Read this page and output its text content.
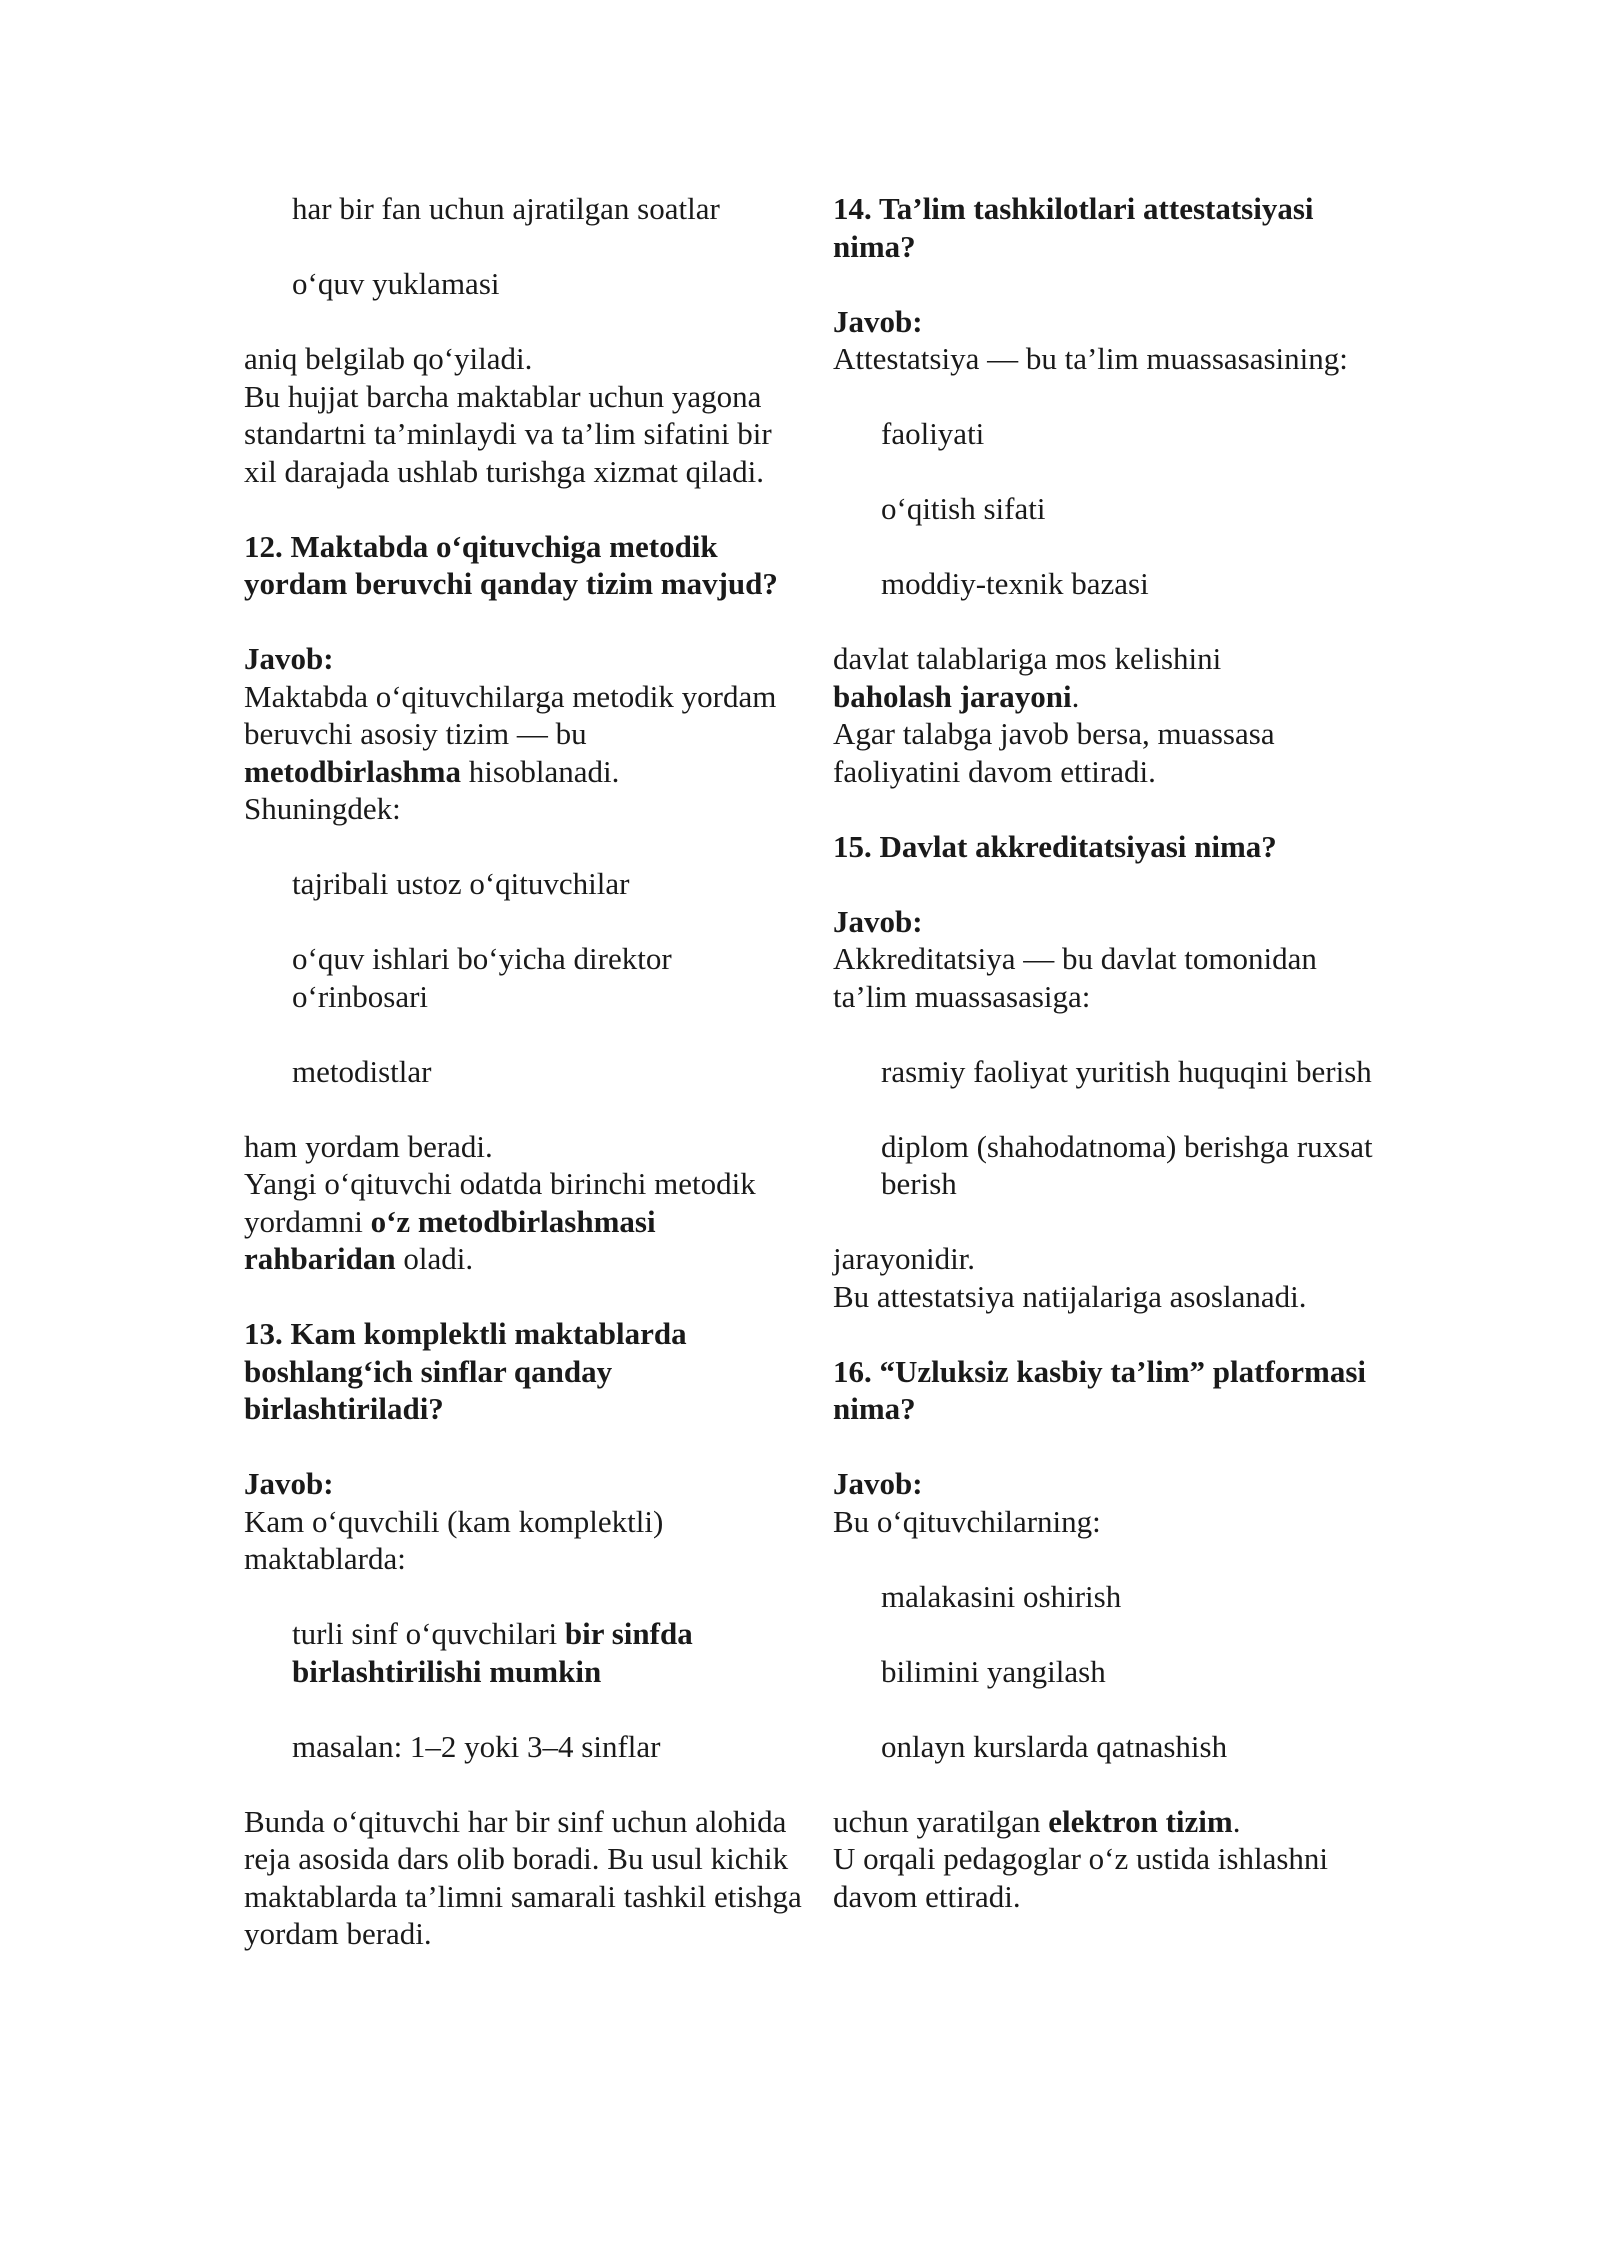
har bir fan uchun ajratilgan soatlar

o‘quv yuklamasi

aniq belgilab qo‘yiladi.

Bu hujjat barcha maktablar uchun yagona standartni ta’minlaydi va ta’lim sifatini bir xil darajada ushlab turishga xizmat qiladi.

12. Maktabda o‘qituvchiga metodik yordam beruvchi qanday tizim mavjud?

Javob:

Maktabda o‘qituvchilarga metodik yordam beruvchi asosiy tizim — bu metodbirlashma hisoblanadi.

Shuningdek:

tajribali ustoz o‘qituvchilar

o‘quv ishlari bo‘yicha direktor o‘rinbosari

metodistlar

ham yordam beradi.

Yangi o‘qituvchi odatda birinchi metodik yordamni o‘z metodbirlashmasi rahbaridan oladi.

13. Kam komplektli maktablarda boshlang‘ich sinflar qanday birlashtiriladi?

Javob:

Kam o‘quvchili (kam komplektli) maktablarda:

turli sinf o‘quvchilari bir sinfda birlashtirilishi mumkin

masalan: 1–2 yoki 3–4 sinflar

Bunda o‘qituvchi har bir sinf uchun alohida reja asosida dars olib boradi. Bu usul kichik maktablarda ta’limni samarali tashkil etishga yordam beradi.

14. Ta’lim tashkilotlari attestatsiyasi nima?

Javob:

Attestatsiya — bu ta’lim muassasasining:

faoliyati

o‘qitish sifati

moddiy-texnik bazasi

davlat talablariga mos kelishini

baholash jarayoni.

Agar talabga javob bersa, muassasa faoliyatini davom ettiradi.

15. Davlat akkreditatsiyasi nima?

Javob:

Akkreditatsiya — bu davlat tomonidan ta’lim muassasasiga:

rasmiy faoliyat yuritish huquqini berish

diplom (shahodatnoma) berishga ruxsat berish

jarayonidir.

Bu attestatsiya natijalariga asoslanadi.

16. “Uzluksiz kasbiy ta’lim” platformasi nima?

Javob:

Bu o‘qituvchilarning:

malakasini oshirish

bilimini yangilash

onlayn kurslarda qatnashish

uchun yaratilgan elektron tizim.

U orqali pedagoglar o‘z ustida ishlashni davom ettiradi.
